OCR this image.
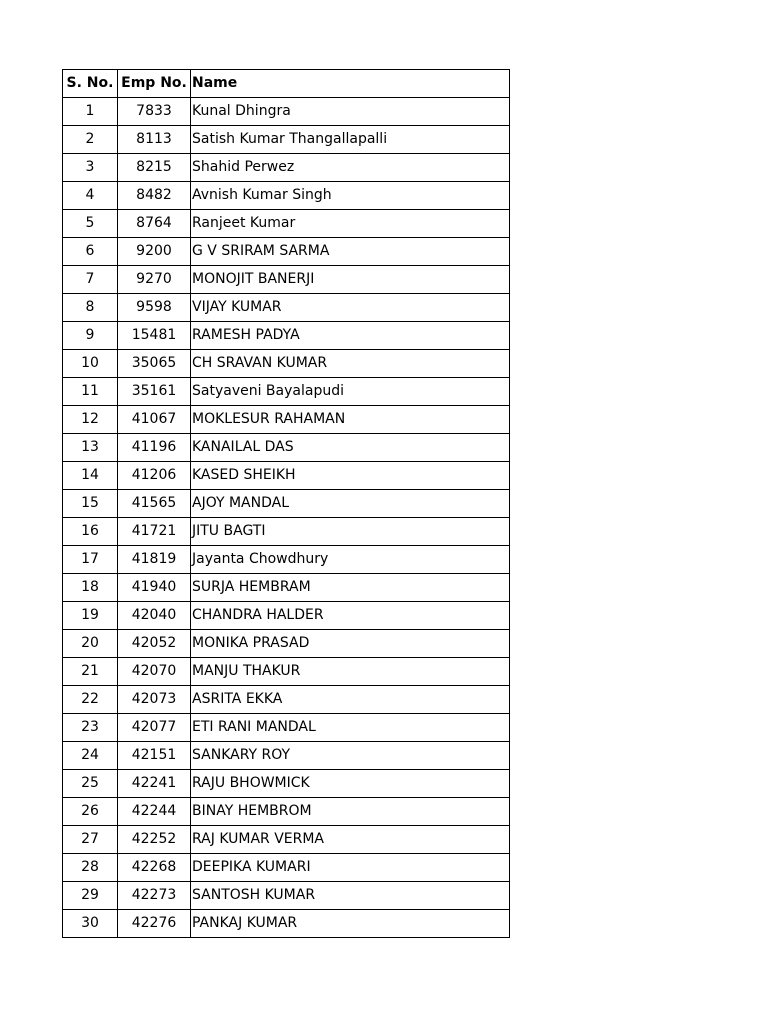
S. No.	Emp No.	Name
1	7833	Kunal Dhingra
2	8113	Satish Kumar Thangallapalli
3	8215	Shahid Perwez
4	8482	Avnish Kumar Singh
5	8764	Ranjeet Kumar
6	9200	G V SRIRAM SARMA
7	9270	MONOJIT BANERJI
8	9598	VIJAY KUMAR
9	15481	RAMESH PADYA
10	35065	CH SRAVAN KUMAR
11	35161	Satyaveni Bayalapudi
12	41067	MOKLESUR RAHAMAN
13	41196	KANAILAL DAS
14	41206	KASED SHEIKH
15	41565	AJOY MANDAL
16	41721	JITU BAGTI
17	41819	Jayanta Chowdhury
18	41940	SURJA HEMBRAM
19	42040	CHANDRA HALDER
20	42052	MONIKA PRASAD
21	42070	MANJU THAKUR
22	42073	ASRITA EKKA
23	42077	ETI RANI MANDAL
24	42151	SANKARY ROY
25	42241	RAJU BHOWMICK
26	42244	BINAY HEMBROM
27	42252	RAJ KUMAR VERMA
28	42268	DEEPIKA KUMARI
29	42273	SANTOSH KUMAR
30	42276	PANKAJ KUMAR
